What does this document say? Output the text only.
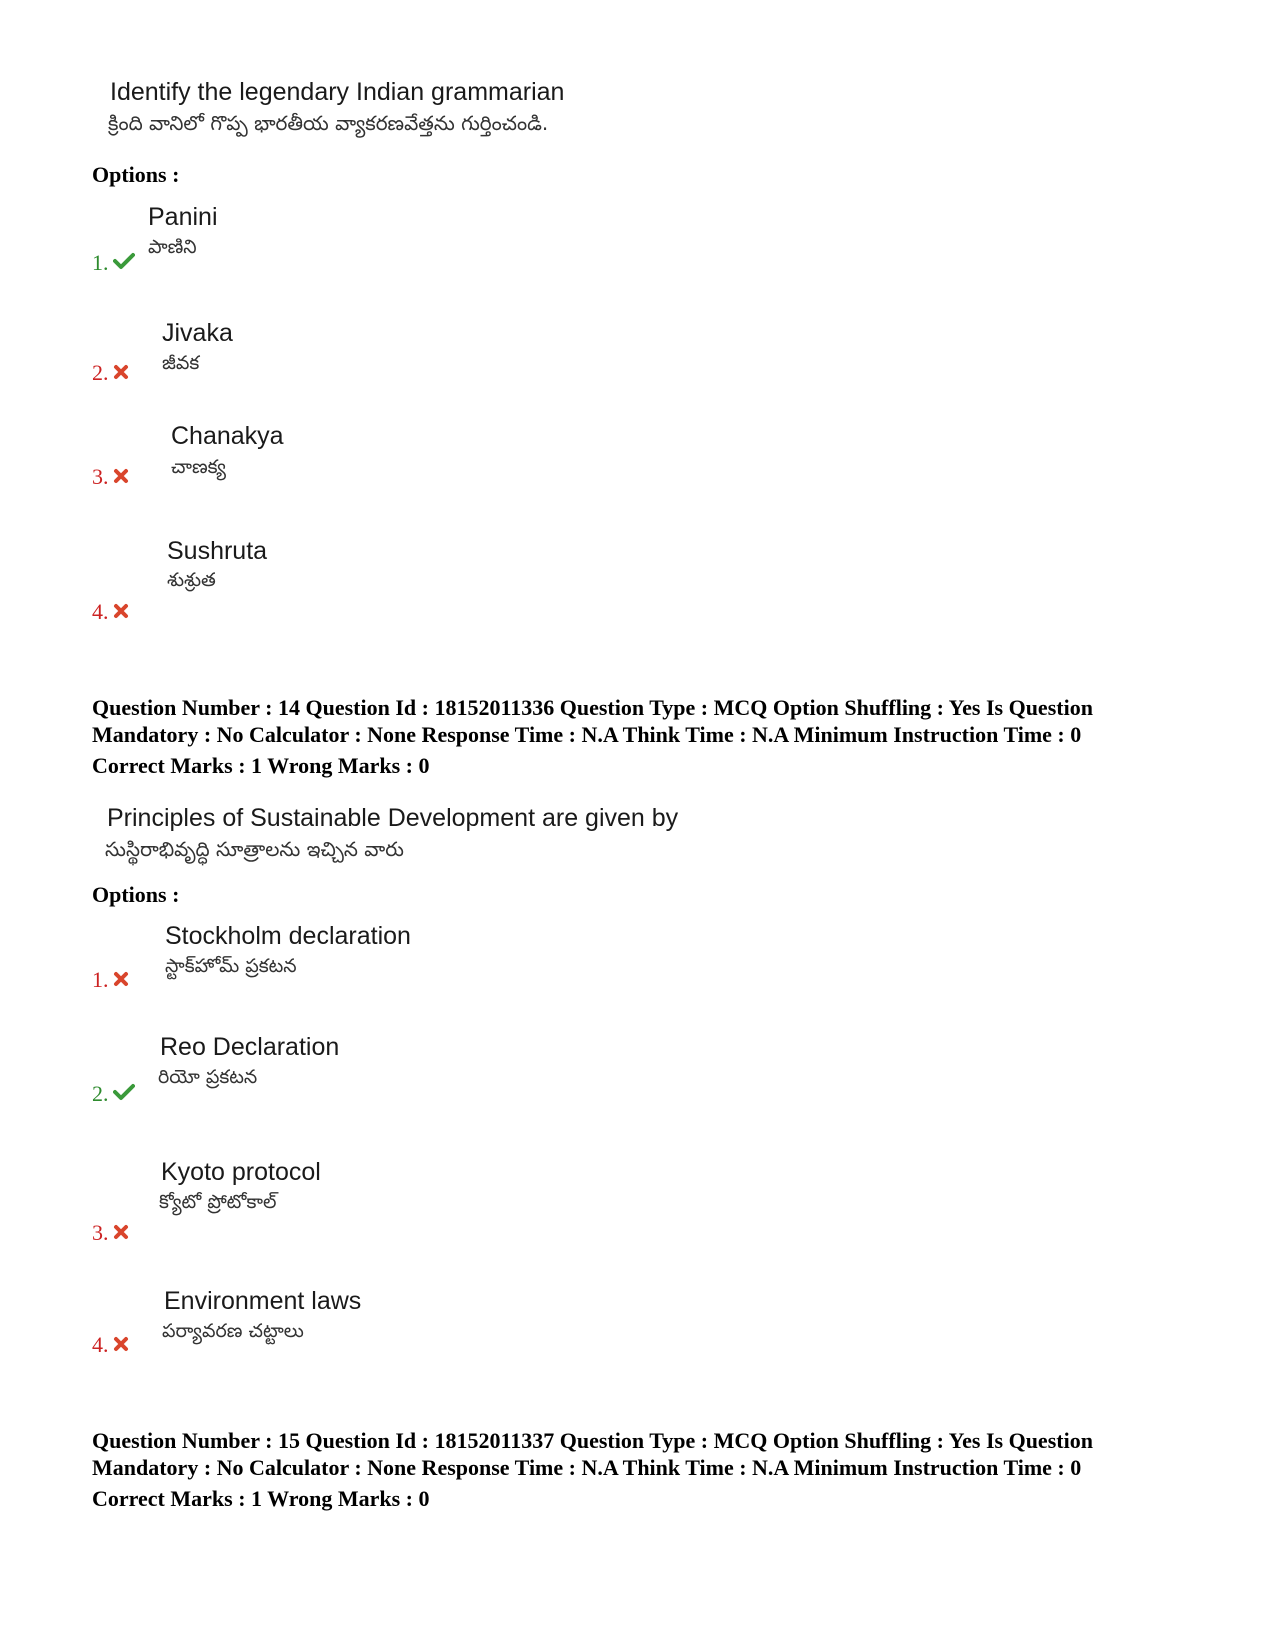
Identify the legendary Indian grammarian
క్రింది వానిలో గొప్ప భారతీయ వ్యాకరణవేత్తను గుర్తించండి.
Options :
Panini
పాణిని
1.
Jivaka
జీవక
2.
Chanakya
చాణక్య
3.
Sushruta
శుశ్రుత
4.
Question Number : 14 Question Id : 18152011336 Question Type : MCQ Option Shuffling : Yes Is Question
Mandatory : No Calculator : None Response Time : N.A Think Time : N.A Minimum Instruction Time : 0
Correct Marks : 1 Wrong Marks : 0
Principles of Sustainable Development are given by
సుస్థిరాభివృద్ధి సూత్రాలను ఇచ్చిన వారు
Options :
Stockholm declaration
స్టాక్‌హోమ్ ప్రకటన
1.
Reo Declaration
రియో ప్రకటన
2.
Kyoto protocol
క్యోటో ప్రోటోకాల్
3.
Environment laws
పర్యావరణ చట్టాలు
4.
Question Number : 15 Question Id : 18152011337 Question Type : MCQ Option Shuffling : Yes Is Question
Mandatory : No Calculator : None Response Time : N.A Think Time : N.A Minimum Instruction Time : 0
Correct Marks : 1 Wrong Marks : 0
